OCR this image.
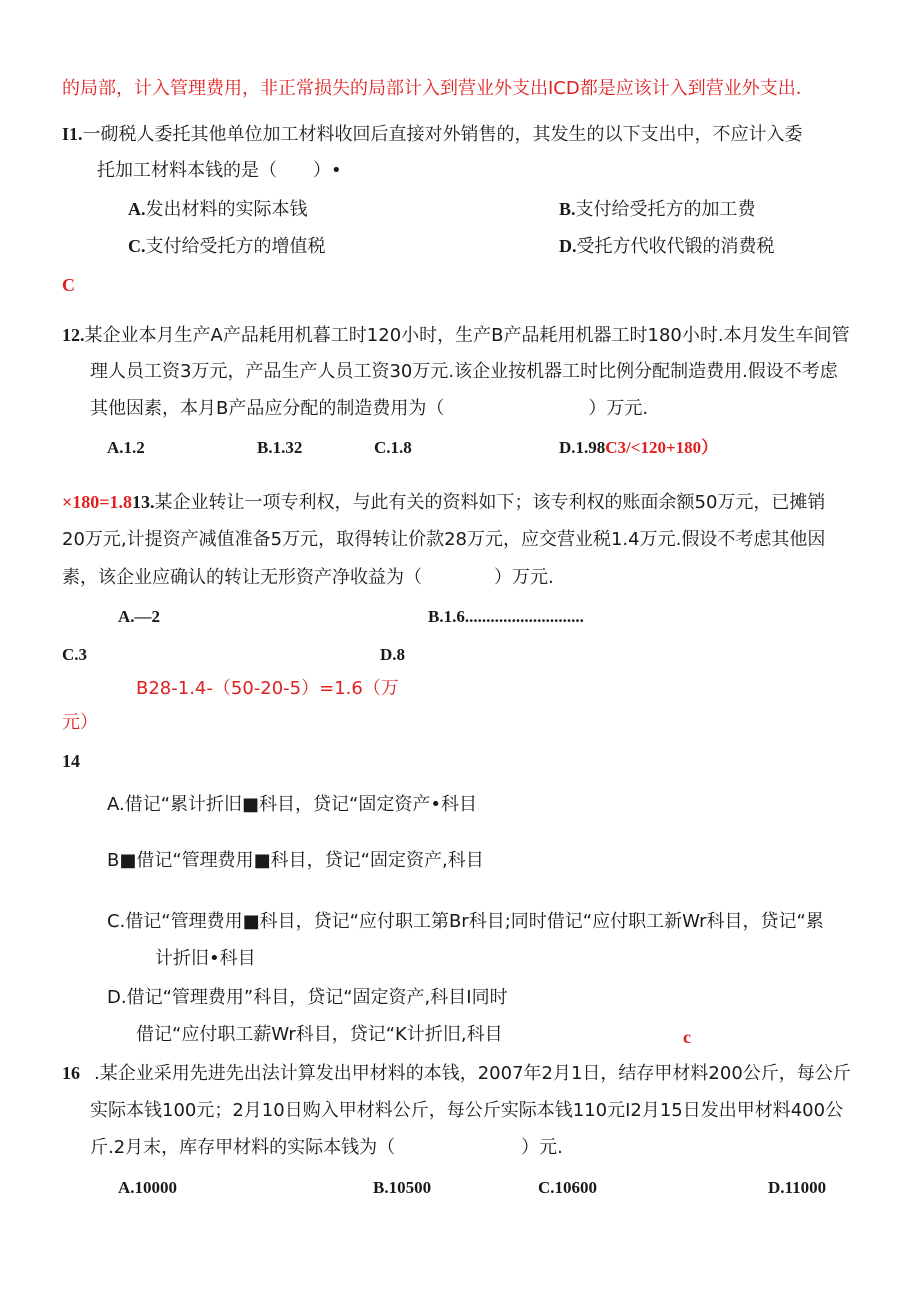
的局部，计入管理费用，非正常损失的局部计入到营业外支出ICD都是应该计入到营业外支出.
I1.一砌税人委托其他单位加工材料收回后直接对外销售的，其发生的以下支出中，不应计入委
托加工材料本钱的是（　　）•
A.发出材料的实际本钱	B.支付给受托方的加工费
C.支付给受托方的增值税	D.受托方代收代锻的消费税
C
12.某企业本月生产A产品耗用机暮工时120小时，生产B产品耗用机器工时180小时.本月发生车间管
理人员工资3万元，产品生产人员工资30万元.该企业按机器工时比例分配制造费用.假设不考虑
其他因素，本月B产品应分配的制造费用为（　　　　　　　　）万元.
A.1.2	B.1.32	C.1.8	D.1.98C3/<120+180）
×180=1.813.某企业转让一项专利权，与此有关的资料如下；该专利权的账面余额50万元，已摊销
20万元,计提资产减值准备5万元，取得转让价款28万元，应交营业税1.4万元.假设不考虑其他因
素，该企业应确认的转让无形资产净收益为（　　　　）万元.
A.—2	B.1.6............................
C.3	D.8
B28-1.4-（50-20-5）=1.6（万
元）
14
A.借记“累计折旧■科目，贷记“固定资产•科目
B■借记“管理费用■科目，贷记“固定资产,科目
C.借记“管理费用■科目，贷记“应付职工第Br科目;同时借记“应付职工新Wr科目，贷记“累
计折旧•科目
D.借记“管理费用”科目，贷记“固定资产,科目I同时
借记“应付职工薪Wr科目，贷记“K计折旧,科目	c
16 .某企业采用先进先出法计算发出甲材料的本钱，2007年2月1日，结存甲材料200公斤，每公斤
实际本钱100元；2月10日购入甲材料公斤，每公斤实际本钱110元I2月15日发出甲材料400公
斤.2月末，库存甲材料的实际本钱为（　　　　　　　）元.
A.10000	B.10500	C.10600	D.11000
